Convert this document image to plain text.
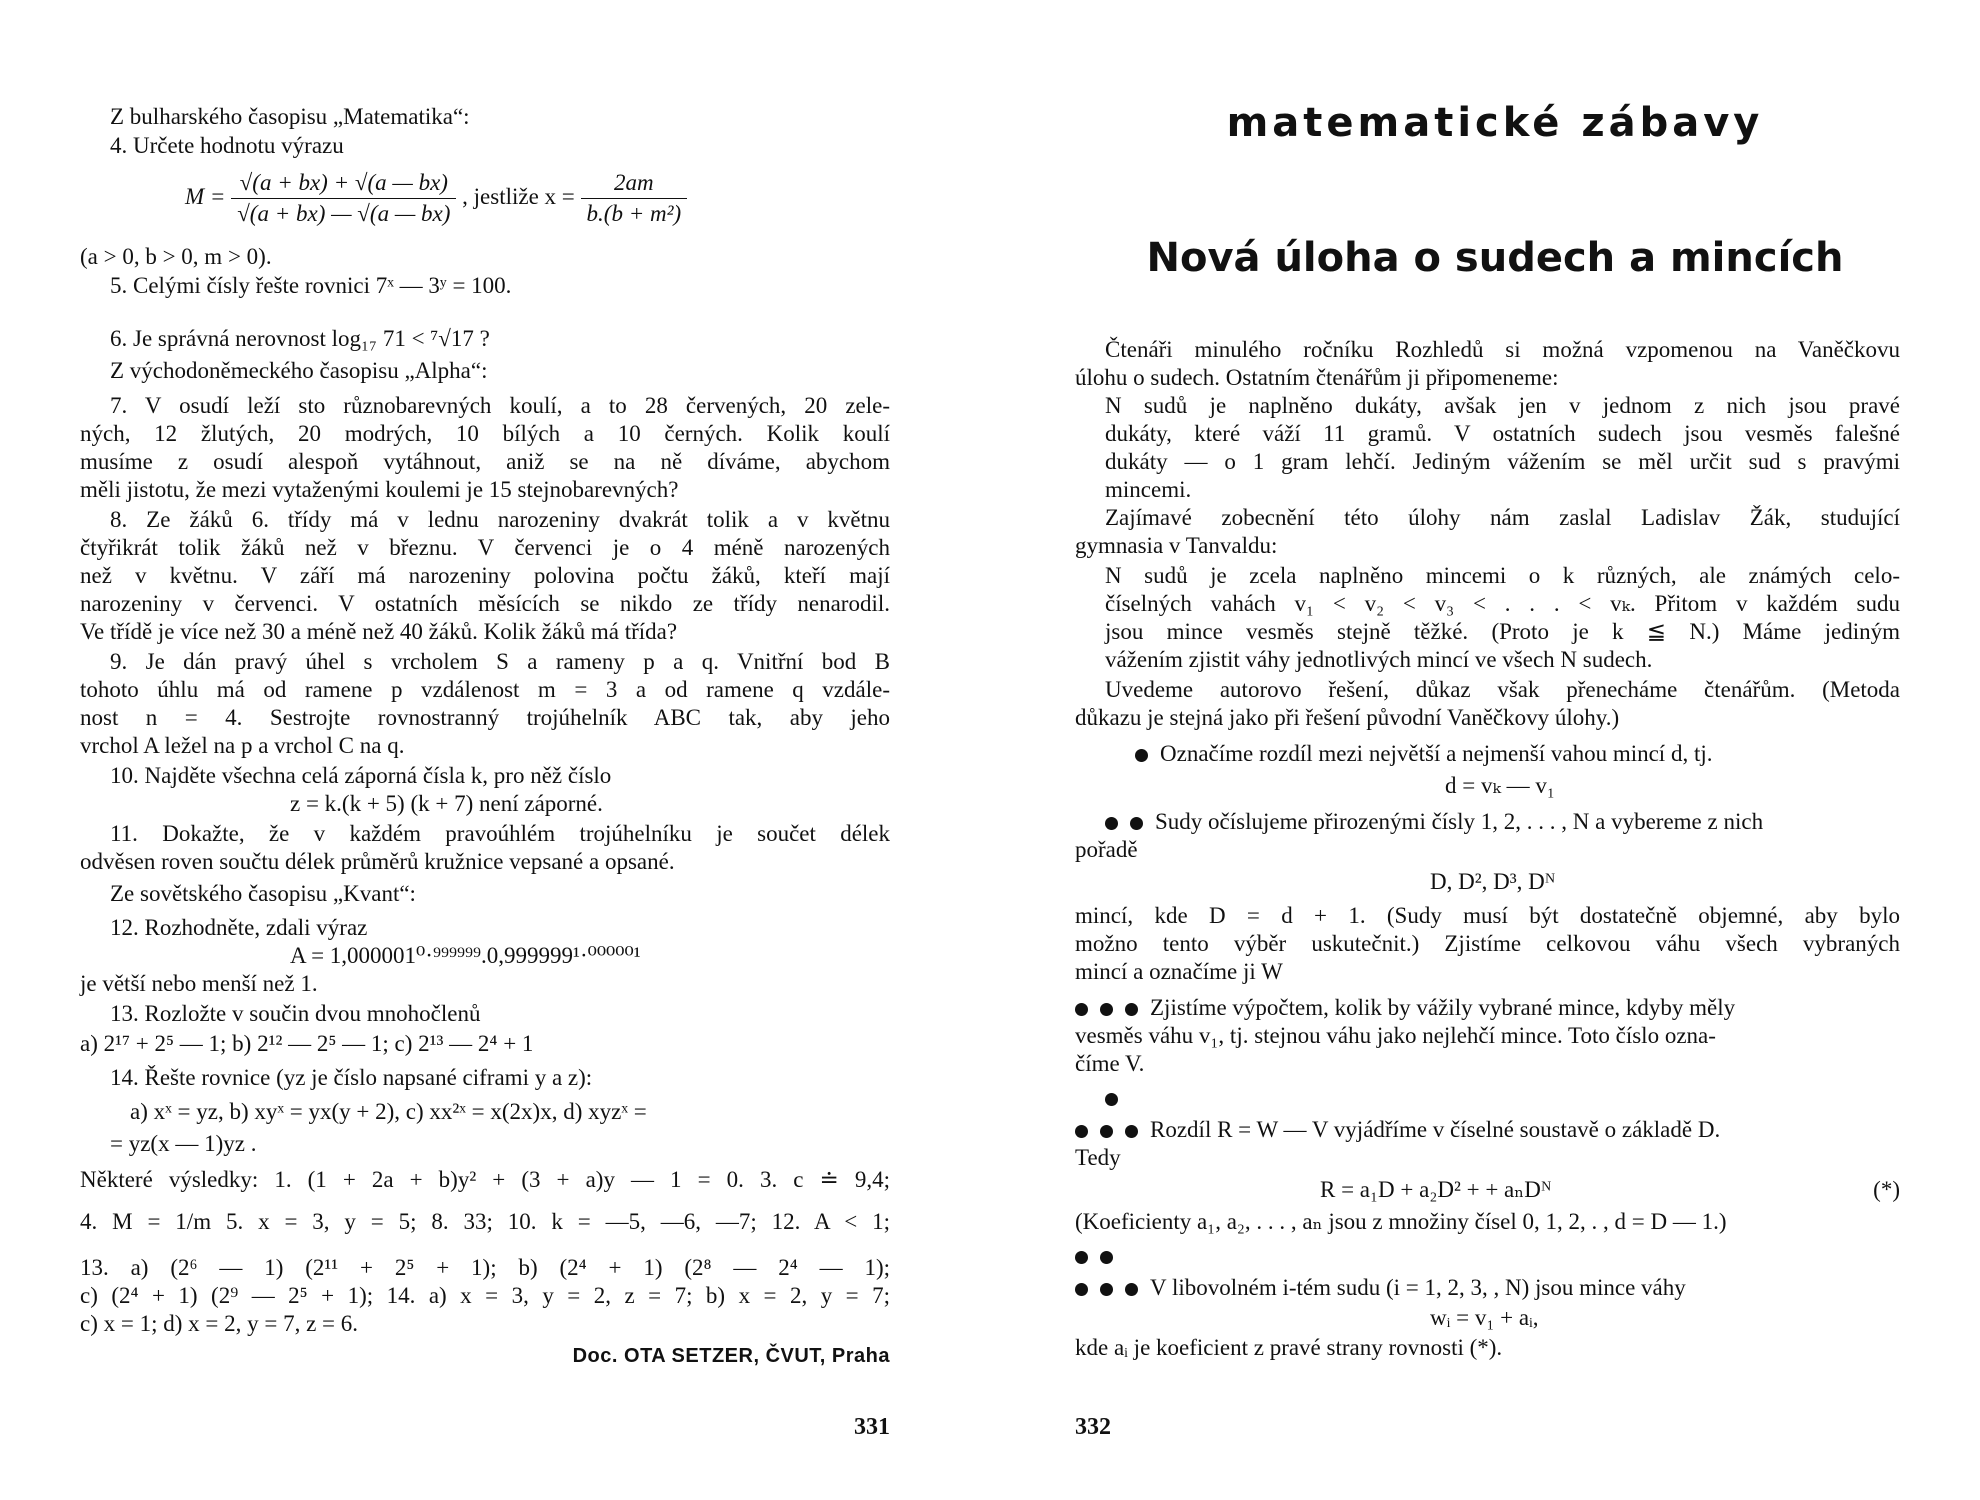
Z bulharského časopisu „Matematika“:
4. Určete hodnotu výrazu
$M = \frac{√(a + bx) + √(a — bx)}{√(a + bx) — √(a — bx)}$ , jestliže $x = \frac{2am}{\text{b.(b + m²)}}$
(a > 0, b > 0, m > 0).
5. Celými čísly řešte rovnici 7ˣ — 3ʸ = 100.
6. Je správná nerovnost log₁₇ 71 < ⁷√17 ?
Z východoněmeckého časopisu „Alpha“:
7. V osudí leží sto různobarevných koulí, a to 28 červených, 20 zele-
ných, 12 žlutých, 20 modrých, 10 bílých a 10 černých. Kolik koulí
musíme z osudí alespoň vytáhnout, aniž se na ně díváme, abychom
měli jistotu, že mezi vytaženými koulemi je 15 stejnobarevných?
8. Ze žáků 6. třídy má v lednu narozeniny dvakrát tolik a v květnu
čtyřikrát tolik žáků než v březnu. V červenci je o 4 méně narozených
než v květnu. V září má narozeniny polovina počtu žáků, kteří mají
narozeniny v červenci. V ostatních měsících se nikdo ze třídy nenarodil.
Ve třídě je více než 30 a méně než 40 žáků. Kolik žáků má třída?
9. Je dán pravý úhel s vrcholem S a rameny p a q. Vnitřní bod B
tohoto úhlu má od ramene p vzdálenost m = 3 a od ramene q vzdále-
nost n = 4. Sestrojte rovnostranný trojúhelník ABC tak, aby jeho
vrchol A ležel na p a vrchol C na q.
10. Najděte všechna celá záporná čísla k, pro něž číslo
z = k.(k + 5) (k + 7) není záporné.
11. Dokažte, že v každém pravoúhlém trojúhelníku je součet délek
odvěsen roven součtu délek průměrů kružnice vepsané a opsané.
Ze sovětského časopisu „Kvant“:
12. Rozhodněte, zdali výraz
A = 1,000001⁰·⁹⁹⁹⁹⁹⁹.0,999999¹·⁰⁰⁰⁰⁰¹
je větší nebo menší než 1.
13. Rozložte v součin dvou mnohočlenů
a) 2¹⁷ + 2⁵ — 1; b) 2¹² — 2⁵ — 1; c) 2¹³ — 2⁴ + 1
14. Řešte rovnice (yz je číslo napsané ciframi y a z):
a) xˣ = yz, b) xyˣ = yx(y + 2), c) xx²ˣ = x(2x)x, d) xyzˣ =
= yz(x — 1)yz .
Některé výsledky: 1. (1 + 2a + b)y² + (3 + a)y — 1 = 0. 3. c ≐ 9,4;
4. M = 1/m 5. x = 3, y = 5; 8. 33; 10. k = —5, —6, —7; 12. A < 1;
13. a) (2⁶ — 1) (2¹¹ + 2⁵ + 1); b) (2⁴ + 1) (2⁸ — 2⁴ — 1);
c) (2⁴ + 1) (2⁹ — 2⁵ + 1); 14. a) x = 3, y = 2, z = 7; b) x = 2, y = 7;
c) x = 1; d) x = 2, y = 7, z = 6.
Doc. OTA SETZER, ČVUT, Praha
331
matematické zábavy
Nová úloha o sudech a mincích
Čtenáři minulého ročníku Rozhledů si možná vzpomenou na Vaněčkovu
úlohu o sudech. Ostatním čtenářům ji připomeneme:
N sudů je naplněno dukáty, avšak jen v jednom z nich jsou pravé
dukáty, které váží 11 gramů. V ostatních sudech jsou vesměs falešné
dukáty — o 1 gram lehčí. Jediným vážením se měl určit sud s pravými
mincemi.
Zajímavé zobecnění této úlohy nám zaslal Ladislav Žák, studující
gymnasia v Tanvaldu:
N sudů je zcela naplněno mincemi o k různých, ale známých celo-
číselných vahách v₁ < v₂ < v₃ < . . . < vₖ. Přitom v každém sudu
jsou mince vesměs stejně těžké. (Proto je k ≦ N.) Máme jediným
vážením zjistit váhy jednotlivých mincí ve všech N sudech.
Uvedeme autorovo řešení, důkaz však přenecháme čtenářům. (Metoda
důkazu je stejná jako při řešení původní Vaněčkovy úlohy.)
Označíme rozdíl mezi největší a nejmenší vahou mincí d, tj.
d = vₖ — v₁
Sudy očíslujeme přirozenými čísly 1, 2, . . . , N a vybereme z nich
pořadě
D, D², D³, Dᴺ
mincí, kde D = d + 1. (Sudy musí být dostatečně objemné, aby bylo
možno tento výběr uskutečnit.) Zjistíme celkovou váhu všech vybraných
mincí a označíme ji W
Zjistíme výpočtem, kolik by vážily vybrané mince, kdyby měly
vesměs váhu v₁, tj. stejnou váhu jako nejlehčí mince. Toto číslo ozna-
číme V.
Rozdíl R = W — V vyjádříme v číselné soustavě o základě D.
Tedy
R = a₁D + a₂D² + + aₙDᴺ	(*)
(Koeficienty a₁, a₂, . . . , aₙ jsou z množiny čísel 0, 1, 2, . , d = D — 1.)
V libovolném i-tém sudu (i = 1, 2, 3, , N) jsou mince váhy
wᵢ = v₁ + aᵢ,
kde aᵢ je koeficient z pravé strany rovnosti (*).
332
